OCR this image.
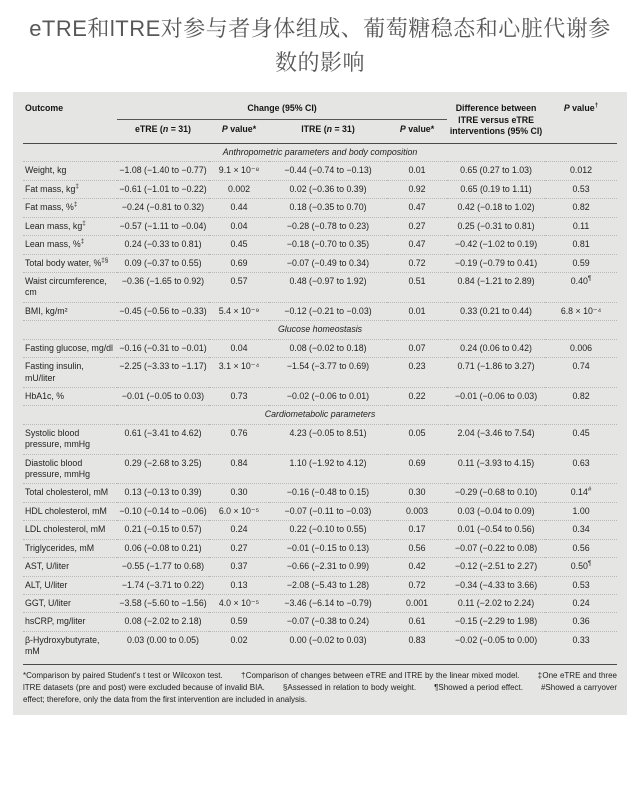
eTRE和lTRE对参与者身体组成、葡萄糖稳态和心脏代谢参数的影响
Outcome	Change (95% CI)				Difference between lTRE versus eTRE interventions (95% CI)	P value†
	eTRE (n = 31)	P value*	lTRE (n = 31)	P value*		
Anthropometric parameters and body composition						
Weight, kg	−1.08 (−1.40 to −0.77)	9.1 × 10⁻⁸	−0.44 (−0.74 to −0.13)	0.01	0.65 (0.27 to 1.03)	0.012
Fat mass, kg‡	−0.61 (−1.01 to −0.22)	0.002	0.02 (−0.36 to 0.39)	0.92	0.65 (0.19 to 1.11)	0.53
Fat mass, %‡	−0.24 (−0.81 to 0.32)	0.44	0.18 (−0.35 to 0.70)	0.47	0.42 (−0.18 to 1.02)	0.82
Lean mass, kg‡	−0.57 (−1.11 to −0.04)	0.04	−0.28 (−0.78 to 0.23)	0.27	0.25 (−0.31 to 0.81)	0.11
Lean mass, %‡	0.24 (−0.33 to 0.81)	0.45	−0.18 (−0.70 to 0.35)	0.47	−0.42 (−1.02 to 0.19)	0.81
Total body water, %‡§	0.09 (−0.37 to 0.55)	0.69	−0.07 (−0.49 to 0.34)	0.72	−0.19 (−0.79 to 0.41)	0.59
Waist circumference, cm	−0.36 (−1.65 to 0.92)	0.57	0.48 (−0.97 to 1.92)	0.51	0.84 (−1.21 to 2.89)	0.40¶
BMI, kg/m²	−0.45 (−0.56 to −0.33)	5.4 × 10⁻⁹	−0.12 (−0.21 to −0.03)	0.01	0.33 (0.21 to 0.44)	6.8 × 10⁻⁴
Glucose homeostasis						
Fasting glucose, mg/dl	−0.16 (−0.31 to −0.01)	0.04	0.08 (−0.02 to 0.18)	0.07	0.24 (0.06 to 0.42)	0.006
Fasting insulin, mU/liter	−2.25 (−3.33 to −1.17)	3.1 × 10⁻⁴	−1.54 (−3.77 to 0.69)	0.23	0.71 (−1.86 to 3.27)	0.74
HbA1c, %	−0.01 (−0.05 to 0.03)	0.73	−0.02 (−0.06 to 0.01)	0.22	−0.01 (−0.06 to 0.03)	0.82
Cardiometabolic parameters						
Systolic blood pressure, mmHg	0.61 (−3.41 to 4.62)	0.76	4.23 (−0.05 to 8.51)	0.05	2.04 (−3.46 to 7.54)	0.45
Diastolic blood pressure, mmHg	0.29 (−2.68 to 3.25)	0.84	1.10 (−1.92 to 4.12)	0.69	0.11 (−3.93 to 4.15)	0.63
Total cholesterol, mM	0.13 (−0.13 to 0.39)	0.30	−0.16 (−0.48 to 0.15)	0.30	−0.29 (−0.68 to 0.10)	0.14#
HDL cholesterol, mM	−0.10 (−0.14 to −0.06)	6.0 × 10⁻⁵	−0.07 (−0.11 to −0.03)	0.003	0.03 (−0.04 to 0.09)	1.00
LDL cholesterol, mM	0.21 (−0.15 to 0.57)	0.24	0.22 (−0.10 to 0.55)	0.17	0.01 (−0.54 to 0.56)	0.34
Triglycerides, mM	0.06 (−0.08 to 0.21)	0.27	−0.01 (−0.15 to 0.13)	0.56	−0.07 (−0.22 to 0.08)	0.56
AST, U/liter	−0.55 (−1.77 to 0.68)	0.37	−0.66 (−2.31 to 0.99)	0.42	−0.12 (−2.51 to 2.27)	0.50¶
ALT, U/liter	−1.74 (−3.71 to 0.22)	0.13	−2.08 (−5.43 to 1.28)	0.72	−0.34 (−4.33 to 3.66)	0.53
GGT, U/liter	−3.58 (−5.60 to −1.56)	4.0 × 10⁻⁵	−3.46 (−6.14 to −0.79)	0.001	0.11 (−2.02 to 2.24)	0.24
hsCRP, mg/liter	0.08 (−2.02 to 2.18)	0.59	−0.07 (−0.38 to 0.24)	0.61	−0.15 (−2.29 to 1.98)	0.36
β-Hydroxybutyrate, mM	0.03 (0.00 to 0.05)	0.02	0.00 (−0.02 to 0.03)	0.83	−0.02 (−0.05 to 0.00)	0.33
*Comparison by paired Student's t test or Wilcoxon test. †Comparison of changes between eTRE and lTRE by the linear mixed model. ‡One eTRE and three lTRE datasets (pre and post) were excluded because of invalid BIA. §Assessed in relation to body weight. ¶Showed a period effect. #Showed a carryover effect; therefore, only the data from the first intervention are included in analysis.
